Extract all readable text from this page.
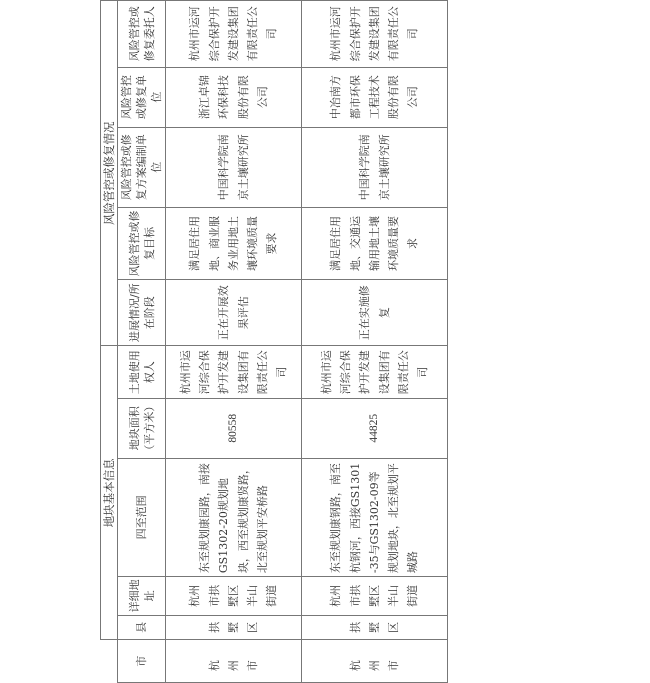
	地块基本信息					风险管控或修复情况				
市	县	详细地址	四至范围	地块面积（平方米）	土地使用权人	进展情况/所在阶段	风险管控或修复目标	风险管控或修复方案编制单位	风险管控或修复单位	风险管控或修复委托人
杭州市	拱墅区	杭州市拱墅区半山街道	东至规划康园路，南接GS1302-20规划地块，西至规划康贤路，北至规划平安桥路	80558	杭州市运河综合保护开发建设集团有限责任公司	正在开展效果评估	满足居住用地、商业服务业用地土壤环境质量要求	中国科学院南京土壤研究所	浙江卓锦环保科技股份有限公司	杭州市运河综合保护开发建设集团有限责任公司
杭州市	拱墅区	杭州市拱墅区半山街道	东至规划康钢路，南至杭钢河，西接GS1301-35与GS1302-09等规划地块，北至规划平城路	44825	杭州市运河综合保护开发建设集团有限责任公司	正在实施修复	满足居住用地、交通运输用地土壤环境质量要求	中国科学院南京土壤研究所	中冶南方都市环保工程技术股份有限公司	杭州市运河综合保护开发建设集团有限责任公司
